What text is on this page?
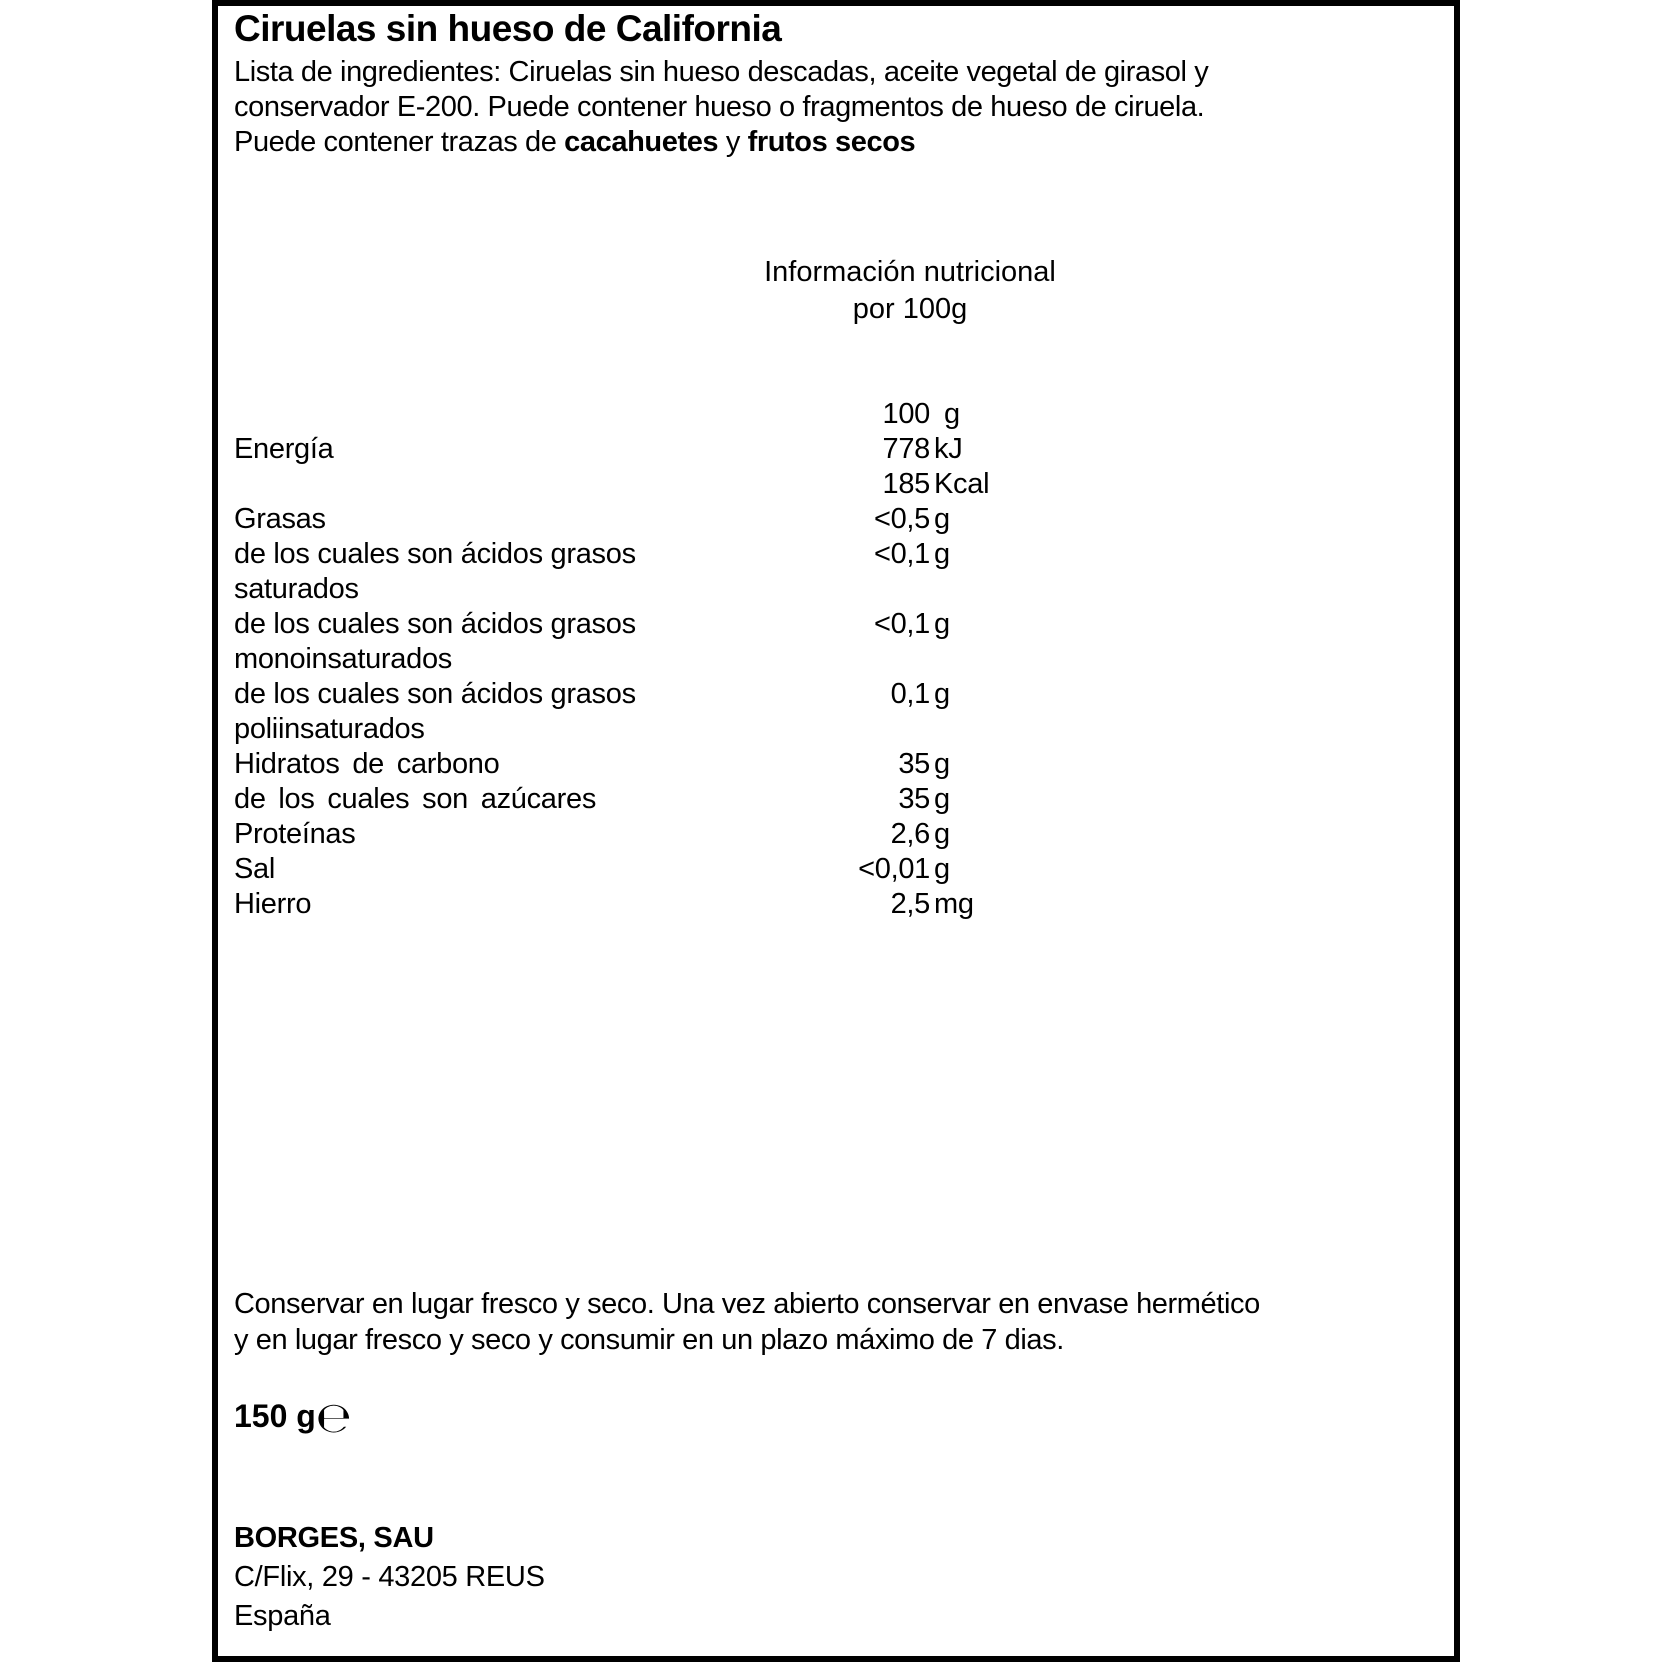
Ciruelas sin hueso de California
Lista de ingredientes: Ciruelas sin hueso descadas, aceite vegetal de girasol y
conservador E-200. Puede contener hueso o fragmentos de hueso de ciruela.
Puede contener trazas de cacahuetes y frutos secos
Información nutricional
por 100g
100 g
Energía	778 kJ
185 Kcal
Grasas	<0,5 g
de los cuales son ácidos grasos	<0,1 g
saturados
de los cuales son ácidos grasos	<0,1 g
monoinsaturados
de los cuales son ácidos grasos	0,1 g
poliinsaturados
Hidratos de carbono	35 g
de los cuales son azúcares	35 g
Proteínas	2,6 g
Sal	<0,01 g
Hierro	2,5 mg
Conservar en lugar fresco y seco. Una vez abierto conservar en envase hermético
y en lugar fresco y seco y consumir en un plazo máximo de 7 dias.
150 g℮
BORGES, SAU
C/Flix, 29 - 43205 REUS
España
